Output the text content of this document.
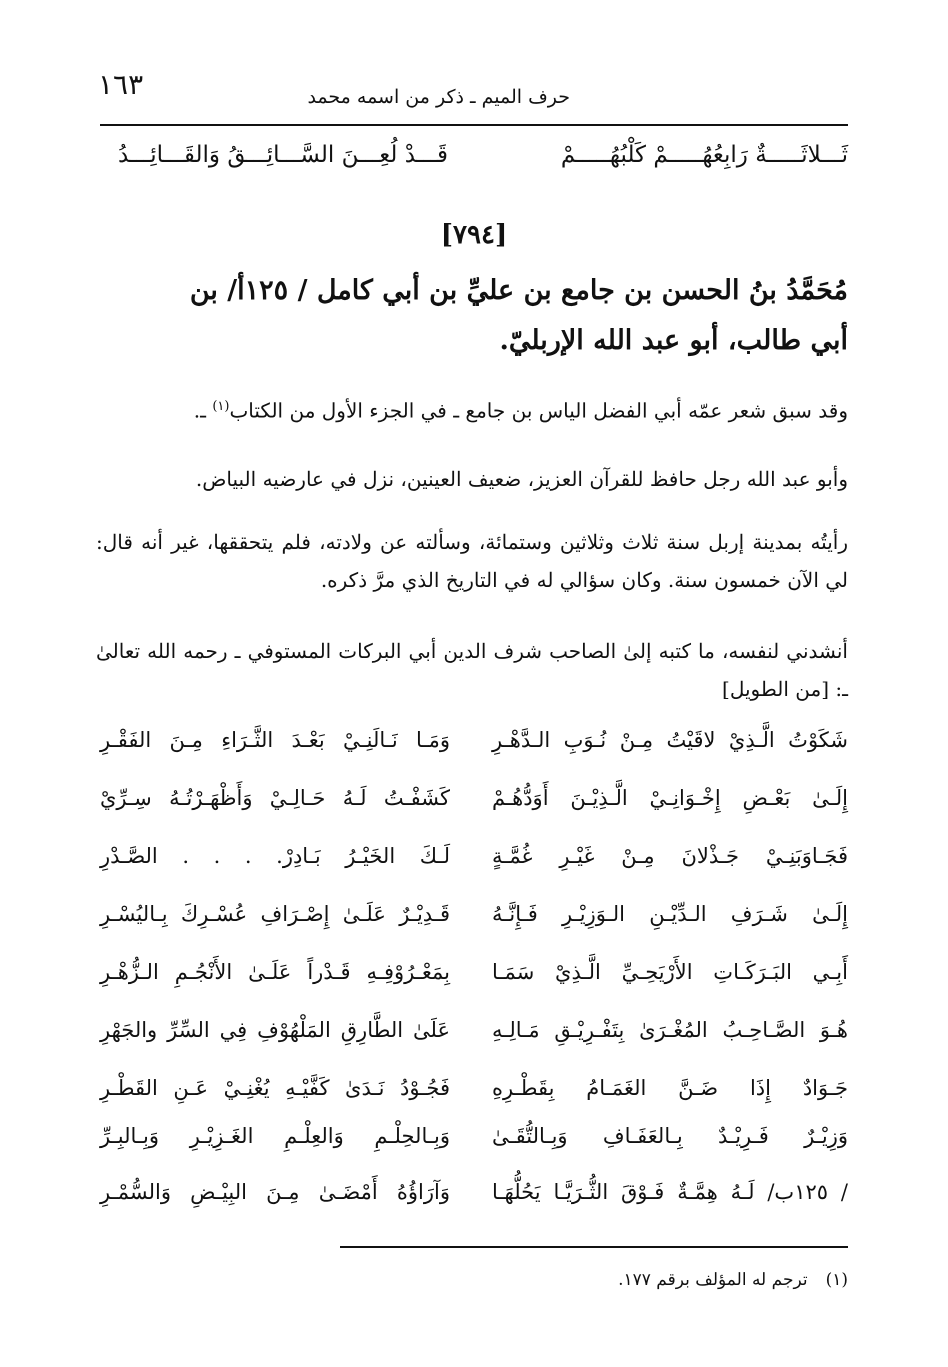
١٦٣	حرف الميم ـ ذكر من اسمه محمد
ثَـــلاثَـــــةٌ رَابِعُهُـــــمْ كَلْبُهُـــــمْ
قَـــدْ لُعِـــنَ السَّـــائِـــقُ وَالقَـــائِـــدُ
[٧٩٤]
مُحَمَّدُ بنُ الحسن بن جامع بن عليِّ بن أبي كامل / ١٢٥أ/ بن أبي طالب، أبو عبد الله الإربليّ.
وقد سبق شعر عمّه أبي الفضل الياس بن جامع ـ في الجزء الأول من الكتاب$^{(١)}$ ـ.
وأبو عبد الله رجل حافظ للقرآن العزيز، ضعيف العينين، نزل في عارضيه البياض.
رأيتُه بمدينة إربل سنة ثلاث وثلاثين وستمائة، وسألته عن ولادته، فلم يتحققها، غير أنه قال: لي الآن خمسون سنة. وكان سؤالي له في التاريخ الذي مرَّ ذكره.
أنشدني لنفسه، ما كتبه إلىٰ الصاحب شرف الدين أبي البركات المستوفي ـ رحمه الله تعالىٰ ـ: [من الطويل]
شَكَوْتُ الَّـذِيْ لاقَيْتُ مِـنْ نُـوَبِ الـدَّهْـرِ
وَمَـا نَـالَنِـيْ بَعْـدَ الثَّـرَاءِ مِـنَ الفَقْـرِ
إِلَـىٰ بَعْـضِ إِخْـوَانِـيْ الَّـذِيْـنَ أَوَدُّهُـمْ
كَشَفْـتُ لَـهُ حَـالِـيْ وَأَظْهَـرْتُـهُ سِـرِّيْ
فَجَـاوَبَنِـيْ جَـذْلانَ مِـنْ غَيْـرِ غُمَّـةٍ
لَـكَ الخَيْـرُ بَـادِرْ. . . . الصَّـدْرِ
إِلَـىٰ شَـرَفِ الـدِّيْـنِ الـوَزِيْـرِ فَـإِنَّـهُ
قَـدِيْـرٌ عَلَـىٰ إِصْـرَافِ عُسْـرِكَ بِـاليُسْـرِ
أَبِـي البَـرَكَـاتِ الأَرْيَحِـيِّ الَّـذِيْ سَمَـا
بِمَعْـرُوْفِـهِ قَـدْراً عَلَـىٰ الأَنْجُـمِ الـزُّهْـرِ
هُـوَ الصَّـاحِـبُ المُغْـرَىٰ بِتَفْـرِيْـقِ مَـالِـهِ
عَلَىٰ الطَّارِقِ المَلْهُوْفِ فِي السِّرِّ والجَهْرِ
جَـوَادٌ إِذَا ضَـنَّ الغَمَـامُ بِقَطْـرِهِ
فَجُـوْدُ نَـدَىٰ كَفَّيْـهِ يُغْنِـيْ عَـنِ القَطْـرِ
وَزِيْـرٌ فَـرِيْـدٌ بِـالعَفَـافِ وَبِـالتُّقَـىٰ
وَبِـالحِلْـمِ وَالعِلْـمِ الغَـزِيْـرِ وَبِـالبِـرِّ
/ ١٢٥ب/ لَـهُ هِمَّـةٌ فَـوْقَ الثُّـرَيَّـا يَحُلُّهَـا
وَآرَاؤُهُ أَمْضَـىٰ مِـنَ البِيْـضِ وَالسُّمْـرِ
(١)ترجم له المؤلف برقم ١٧٧.
